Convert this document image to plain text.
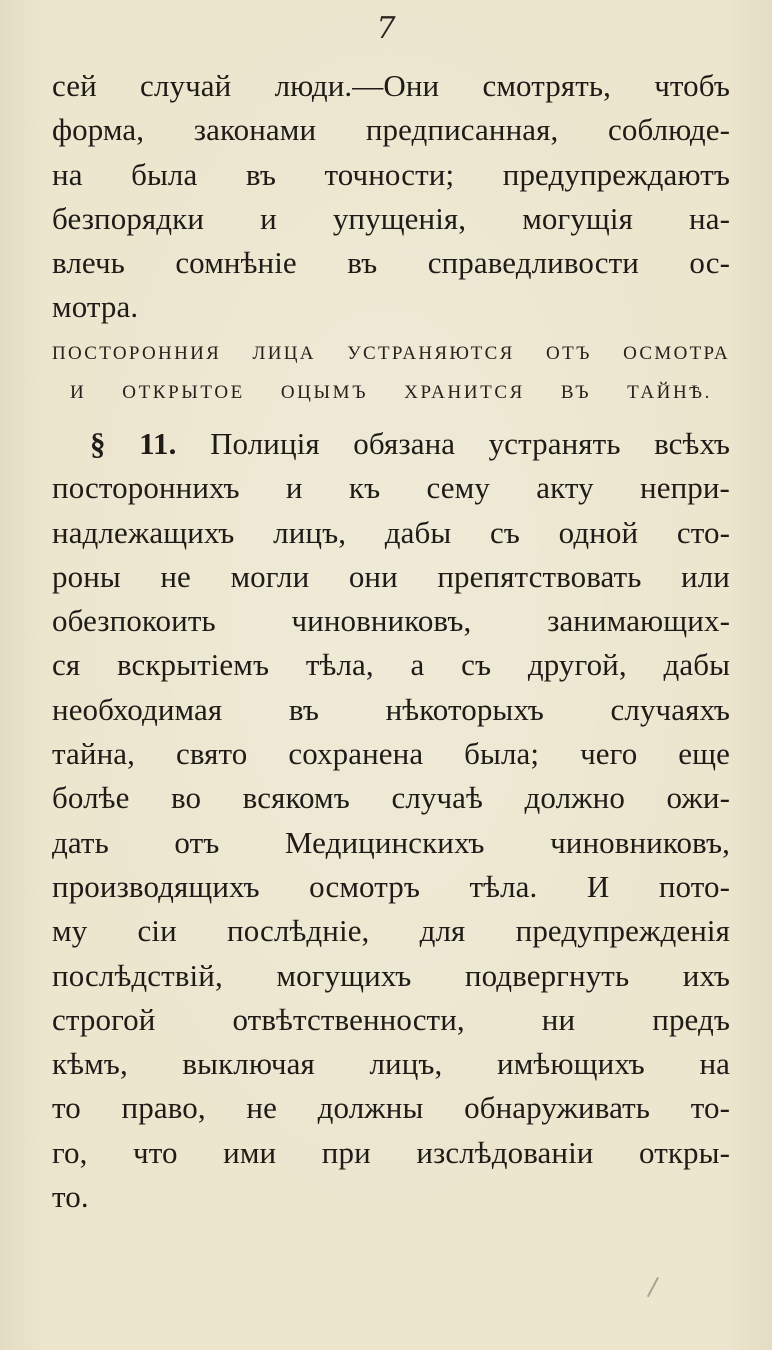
7
сей случай люди.—Они смотрять, чтобъ
форма, законами предписанная, соблюде-
на была въ точности; предупреждаютъ
безпорядки и упущенія, могущія на-
влечь сомнѣніе въ справедливости ос-
мотра.
ПОСТОРОННИЯ ЛИЦА УСТРАНЯЮТСЯ ОТЪ ОСМОТРА
И ОТКРЫТОЕ ОЦЫМЪ ХРАНИТСЯ ВЪ ТАЙНѢ.
§ 11. Полиція обязана устранять всѣхъ
постороннихъ и къ сему акту непри-
надлежащихъ лицъ, дабы съ одной сто-
роны не могли они препятствовать или
обезпокоить чиновниковъ, занимающих-
ся вскрытіемъ тѣла, а съ другой, дабы
необходимая въ нѣкоторыхъ случаяхъ
тайна, свято сохранена была; чего еще
болѣе во всякомъ случаѣ должно ожи-
дать отъ Медицинскихъ чиновниковъ,
производящихъ осмотръ тѣла. И пото-
му сіи послѣдніе, для предупрежденія
послѣдствій, могущихъ подвергнуть ихъ
строгой отвѣтственности, ни предъ
кѣмъ, выключая лицъ, имѣющихъ на
то право, не должны обнаруживать то-
го, что ими при изслѣдованіи откры-
то.
